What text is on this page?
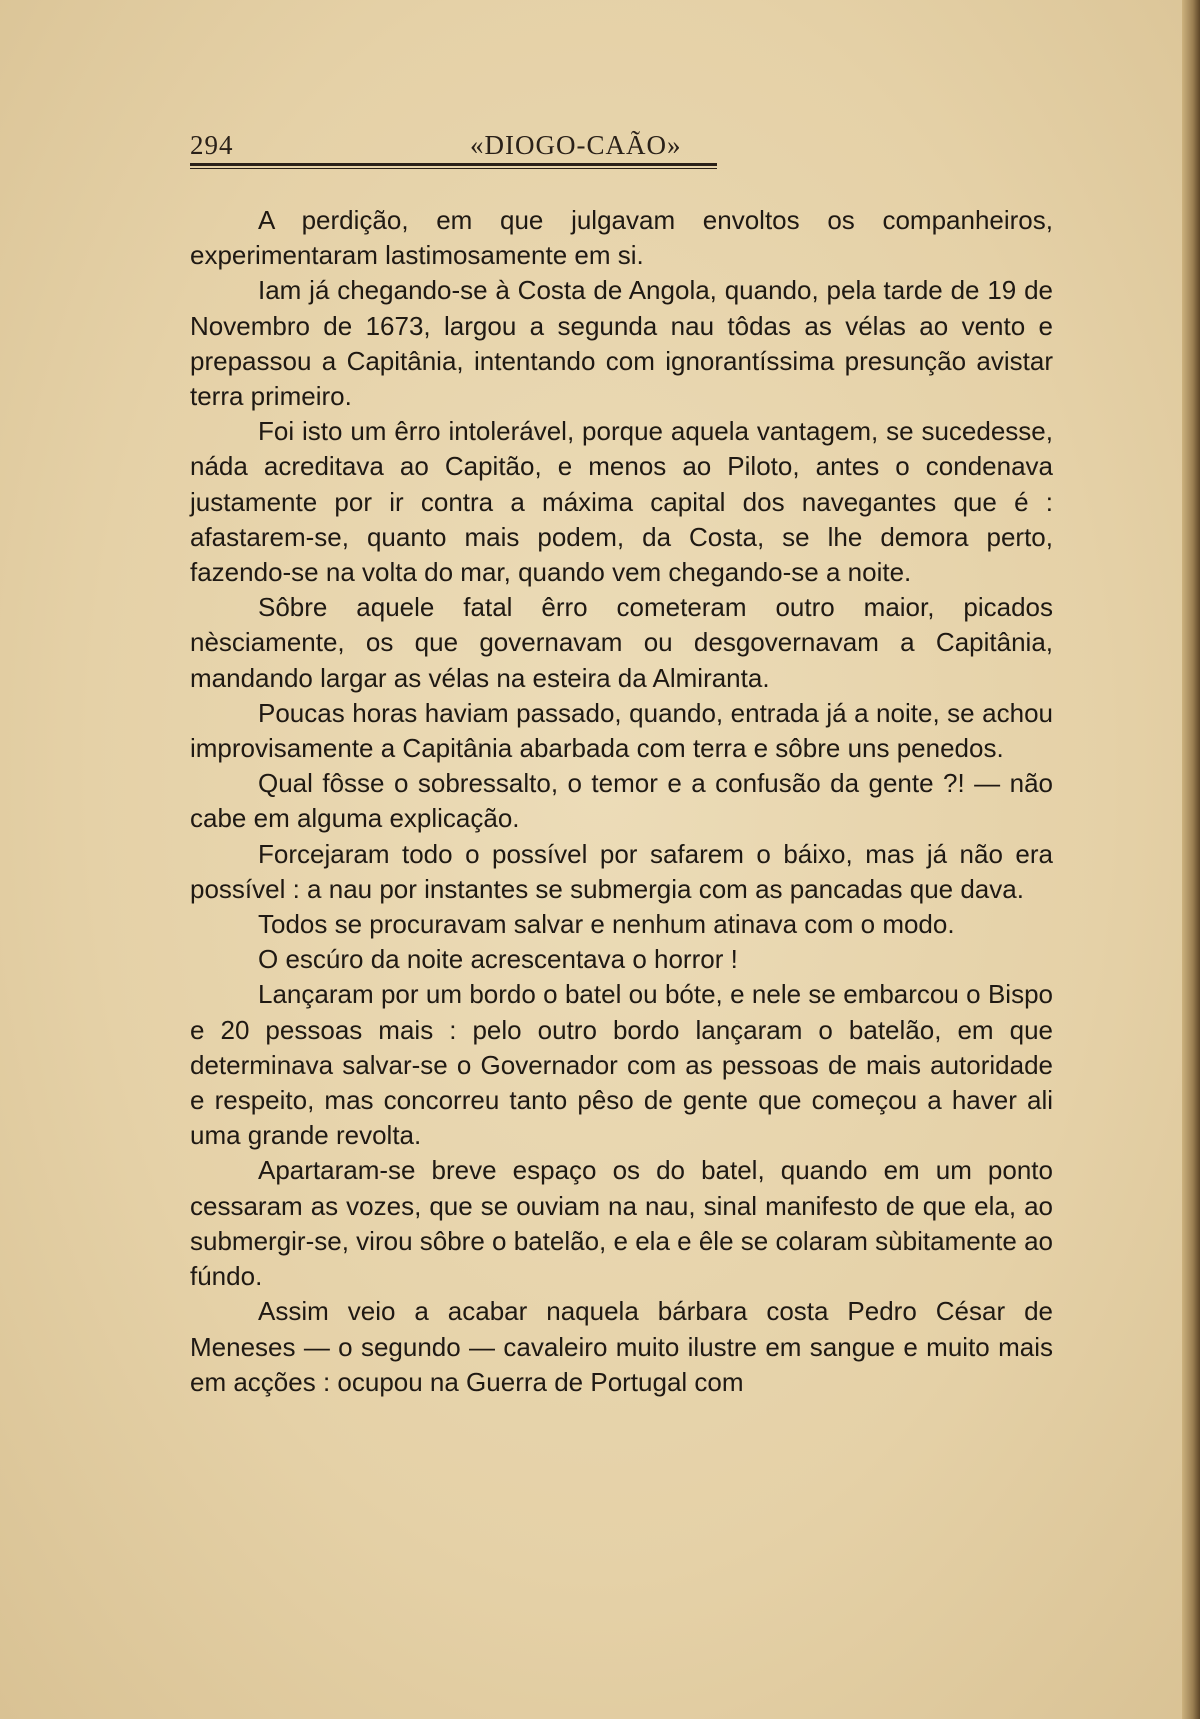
294	«DIOGO-CAÃO»

A perdição, em que julgavam envoltos os companheiros, experimentaram lastimosamente em si.

Iam já chegando-se à Costa de Angola, quando, pela tarde de 19 de Novembro de 1673, largou a segunda nau tôdas as vélas ao vento e prepassou a Capitânia, intentando com ignorantíssima presunção avistar terra primeiro.

Foi isto um êrro intolerável, porque aquela vantagem, se sucedesse, náda acreditava ao Capitão, e menos ao Piloto, antes o condenava justamente por ir contra a máxima capital dos navegantes que é : afastarem-se, quanto mais podem, da Costa, se lhe demora perto, fazendo-se na volta do mar, quando vem chegando-se a noite.

Sôbre aquele fatal êrro cometeram outro maior, picados nèsciamente, os que governavam ou desgovernavam a Capitânia, mandando largar as vélas na esteira da Almiranta.

Poucas horas haviam passado, quando, entrada já a noite, se achou improvisamente a Capitânia abarbada com terra e sôbre uns penedos.

Qual fôsse o sobressalto, o temor e a confusão da gente ?! — não cabe em alguma explicação.

Forcejaram todo o possível por safarem o báixo, mas já não era possível : a nau por instantes se submergia com as pancadas que dava.

Todos se procuravam salvar e nenhum atinava com o modo.

O escúro da noite acrescentava o horror !

Lançaram por um bordo o batel ou bóte, e nele se embarcou o Bispo e 20 pessoas mais : pelo outro bordo lançaram o batelão, em que determinava salvar-se o Governador com as pessoas de mais autoridade e respeito, mas concorreu tanto pêso de gente que começou a haver ali uma grande revolta.

Apartaram-se breve espaço os do batel, quando em um ponto cessaram as vozes, que se ouviam na nau, sinal manifesto de que ela, ao submergir-se, virou sôbre o batelão, e ela e êle se colaram sùbitamente ao fúndo.

Assim veio a acabar naquela bárbara costa Pedro César de Meneses — o segundo — cavaleiro muito ilustre em sangue e muito mais em acções : ocupou na Guerra de Portugal com
